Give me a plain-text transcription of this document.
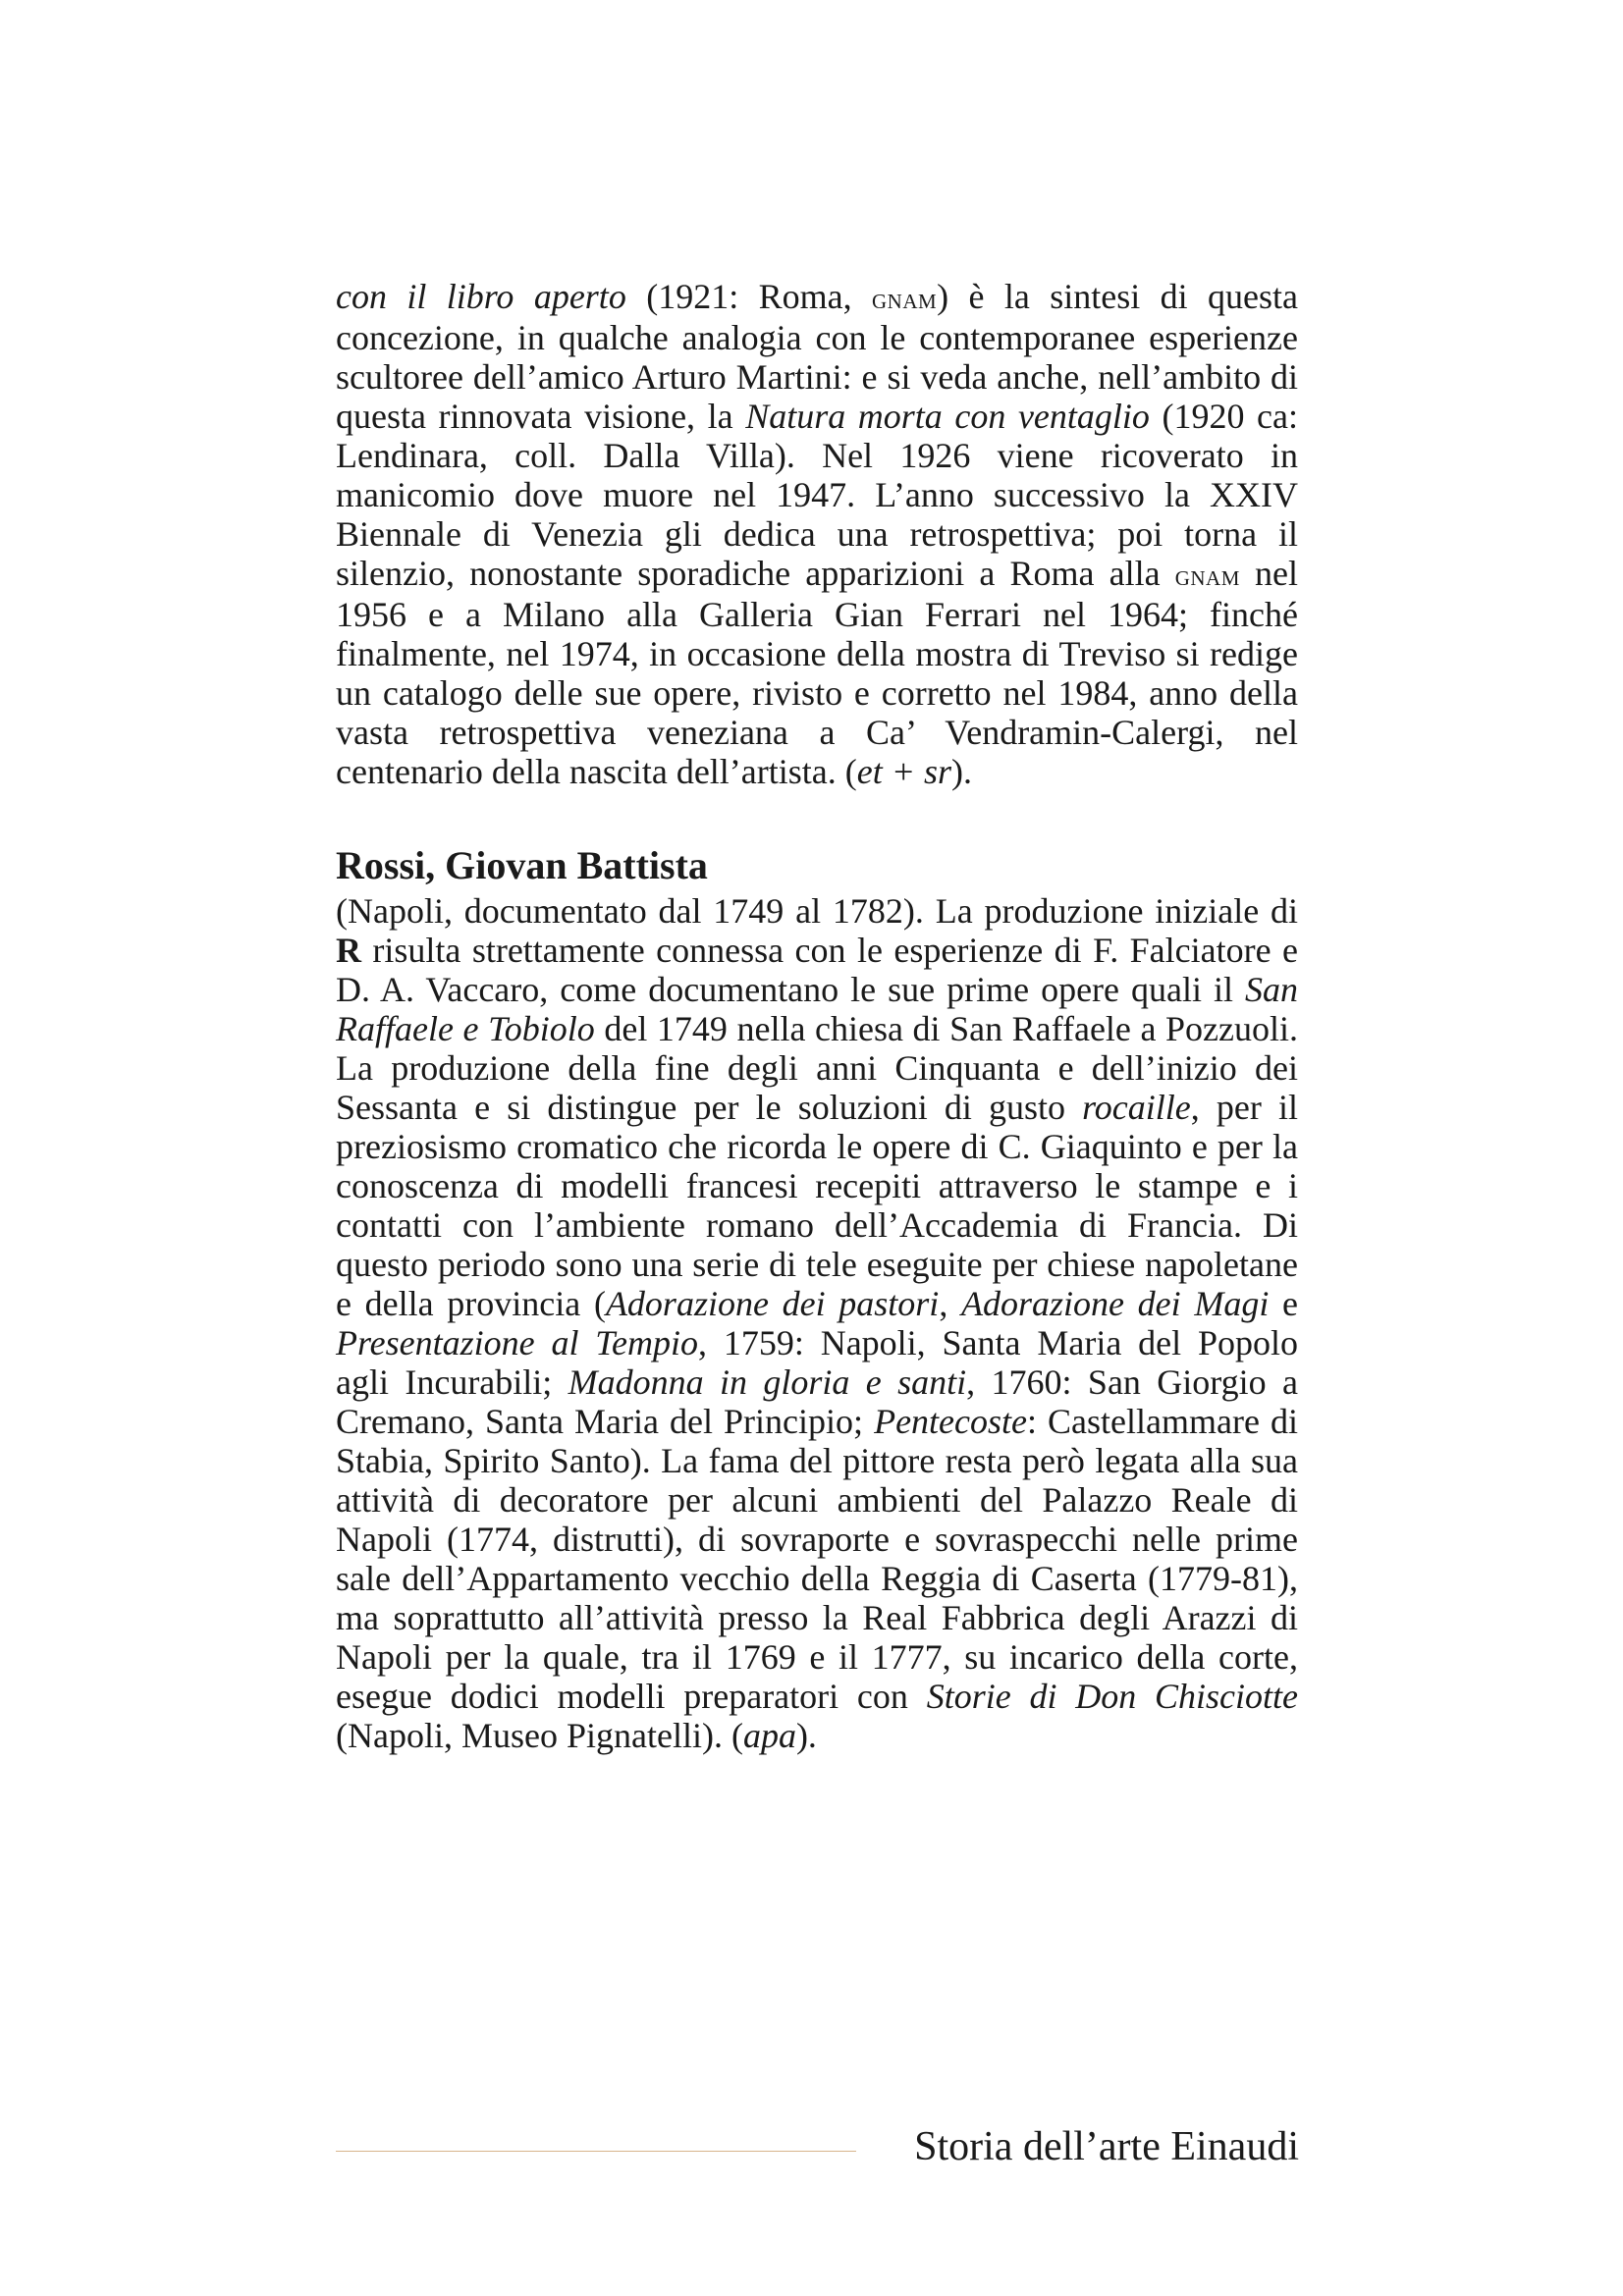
con il libro aperto (1921: Roma, gnam) è la sintesi di questa concezione, in qualche analogia con le contemporanee esperienze scultoree dell’amico Arturo Martini: e si veda anche, nell’ambito di questa rinnovata visione, la Natura morta con ventaglio (1920 ca: Lendinara, coll. Dalla Villa). Nel 1926 viene ricoverato in manicomio dove muore nel 1947. L’anno successivo la XXIV Biennale di Venezia gli dedica una retrospettiva; poi torna il silenzio, nonostante sporadiche apparizioni a Roma alla gnam nel 1956 e a Milano alla Galleria Gian Ferrari nel 1964; finché finalmente, nel 1974, in occasione della mostra di Treviso si redige un catalogo delle sue opere, rivisto e corretto nel 1984, anno della vasta retrospettiva veneziana a Ca’ Vendramin-Calergi, nel centenario della nascita dell’artista. (et + sr).

Rossi, Giovan Battista

(Napoli, documentato dal 1749 al 1782). La produzione iniziale di R risulta strettamente connessa con le esperienze di F. Falciatore e D. A. Vaccaro, come documentano le sue prime opere quali il San Raffaele e Tobiolo del 1749 nella chiesa di San Raffaele a Pozzuoli. La produzione della fine degli anni Cinquanta e dell’inizio dei Sessanta e si distingue per le soluzioni di gusto rocaille, per il preziosismo cromatico che ricorda le opere di C. Giaquinto e per la conoscenza di modelli francesi recepiti attraverso le stampe e i contatti con l’ambiente romano dell’Accademia di Francia. Di questo periodo sono una serie di tele eseguite per chiese napoletane e della provincia (Adorazione dei pastori, Adorazione dei Magi e Presentazione al Tempio, 1759: Napoli, Santa Maria del Popolo agli Incurabili; Madonna in gloria e santi, 1760: San Giorgio a Cremano, Santa Maria del Principio; Pentecoste: Castellammare di Stabia, Spirito Santo). La fama del pittore resta però legata alla sua attività di decoratore per alcuni ambienti del Palazzo Reale di Napoli (1774, distrutti), di sovraporte e sovraspecchi nelle prime sale dell’Appartamento vecchio della Reggia di Caserta (1779-81), ma soprattutto all’attività presso la Real Fabbrica degli Arazzi di Napoli per la quale, tra il 1769 e il 1777, su incarico della corte, esegue dodici modelli preparatori con Storie di Don Chisciotte (Napoli, Museo Pignatelli). (apa).

Storia dell’arte Einaudi
